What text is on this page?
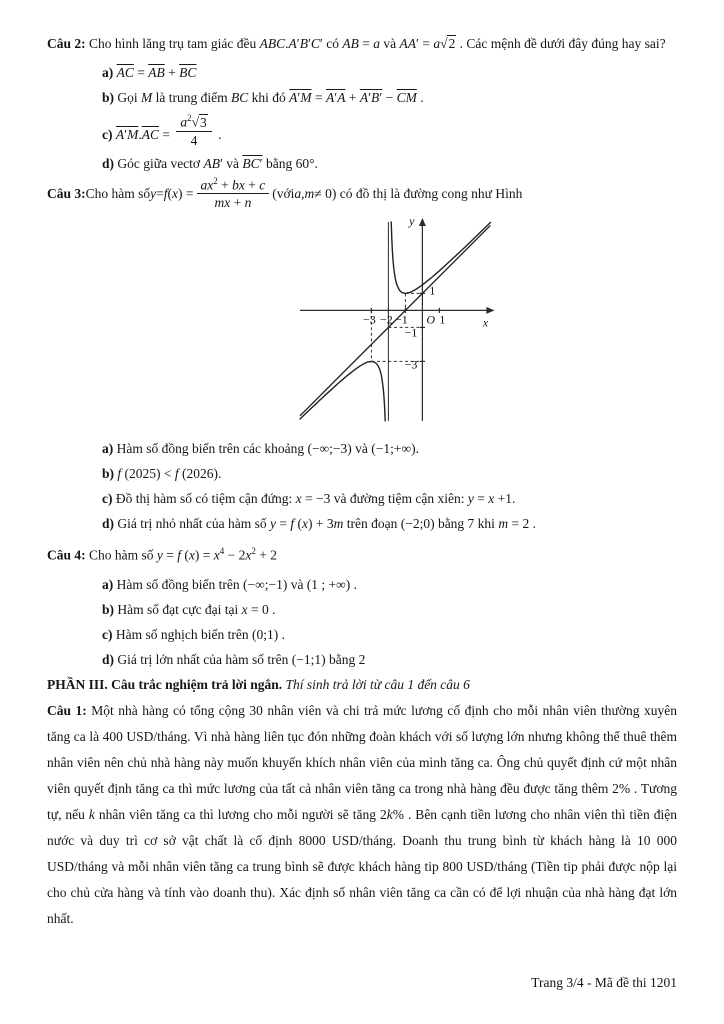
Câu 2: Cho hình lăng trụ tam giác đều ABC.A′B′C′ có AB = a và AA′ = a√2 . Các mệnh đề dưới đây đúng hay sai?

a) $\overline{AC} = \overline{AB} + \overline{BC}$

b) Gọi M là trung điểm BC khi đó $A'M = A'A + A'B' - \overline{CM}$ .

c) $A'M.\overline{AC} = \frac{a^2√3}{4}$ .

d) Góc giữa vectơ AB′ và BC′ bằng 60°.

Câu 3: Cho hàm số y = f ( x ) = $\frac{ax^2 + bx + c}{mx + n}$ (với a , m ≠ 0) có đồ thị là đường cong như Hình

y
x
O
−3 −2 −1	1
1
−1
−3

a) Hàm số đồng biến trên các khoảng (−∞;−3) và (−1;+∞).

b) f (2025) < f (2026).

c) Đồ thị hàm số có tiệm cận đứng: x = −3 và đường tiệm cận xiên: y = x +1.

d) Giá trị nhỏ nhất của hàm số y = f (x) + 3m trên đoạn (−2;0) bằng 7 khi m = 2 .

Câu 4: Cho hàm số y = f $(x) = x^4 - 2x^2 + 2$

a) Hàm số đồng biến trên (−∞;−1) và (1 ; +∞) .

b) Hàm số đạt cực đại tại x = 0 .

c) Hàm số nghịch biến trên (0;1) .

d) Giá trị lớn nhất của hàm số trên (−1;1) bằng 2

PHẦN III. Câu trắc nghiệm trả lời ngắn. Thí sinh trả lời từ câu 1 đến câu 6

Câu 1: Một nhà hàng có tổng cộng 30 nhân viên và chi trả mức lương cố định cho mỗi nhân viên thường xuyên tăng ca là 400 USD/tháng. Vì nhà hàng liên tục đón những đoàn khách với số lượng lớn nhưng không thể thuê thêm nhân viên nên chủ nhà hàng này muốn khuyến khích nhân viên của mình tăng ca. Ông chủ quyết định cứ một nhân viên quyết định tăng ca thì mức lương của tất cả nhân viên tăng ca trong nhà hàng đều được tăng thêm 2% . Tương tự, nếu k nhân viên tăng ca thì lương cho mỗi người sẽ tăng 2k% . Bên cạnh tiền lương cho nhân viên thì tiền điện nước và duy trì cơ sở vật chất là cố định 8000 USD/tháng. Doanh thu trung bình từ khách hàng là 10 000 USD/tháng và mỗi nhân viên tăng ca trung bình sẽ được khách hàng tip 800 USD/tháng (Tiền tip phải được nộp lại cho chủ cửa hàng và tính vào doanh thu). Xác định số nhân viên tăng ca cần có để lợi nhuận của nhà hàng đạt lớn nhất.

Trang 3/4 - Mã đề thi 1201
